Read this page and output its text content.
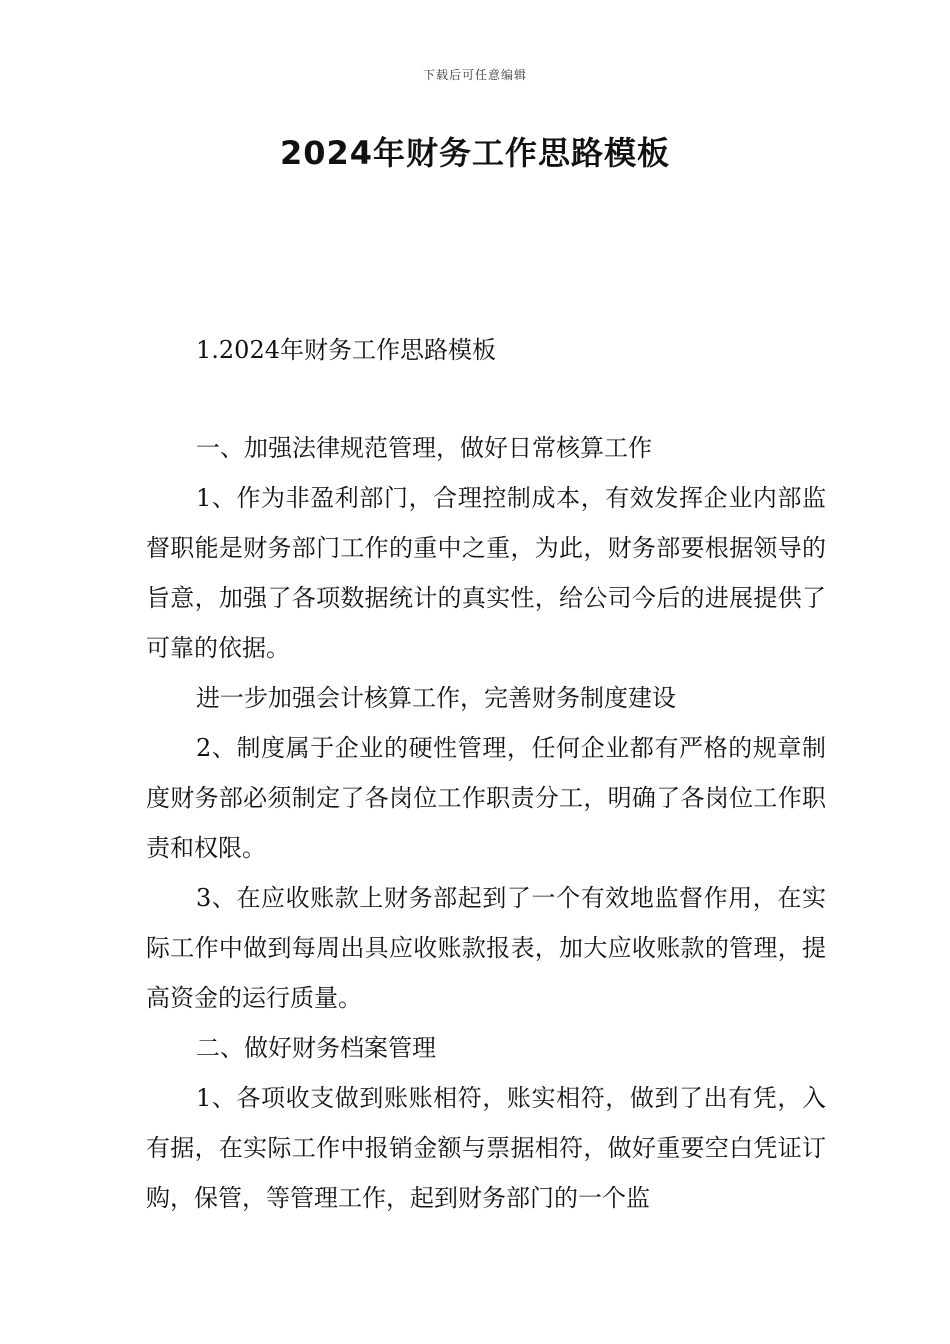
下载后可任意编辑
2024年财务工作思路模板
1.2024年财务工作思路模板

一、加强法律规范管理，做好日常核算工作

1、作为非盈利部门，合理控制成本，有效发挥企业内部监督职能是财务部门工作的重中之重，为此，财务部要根据领导的旨意，加强了各项数据统计的真实性，给公司今后的进展提供了可靠的依据。

进一步加强会计核算工作，完善财务制度建设

2、制度属于企业的硬性管理，任何企业都有严格的规章制度财务部必须制定了各岗位工作职责分工，明确了各岗位工作职责和权限。

3、在应收账款上财务部起到了一个有效地监督作用，在实际工作中做到每周出具应收账款报表，加大应收账款的管理，提高资金的运行质量。

二、做好财务档案管理

1、各项收支做到账账相符，账实相符，做到了出有凭，入有据，在实际工作中报销金额与票据相符，做好重要空白凭证订购，保管，等管理工作，起到财务部门的一个监
